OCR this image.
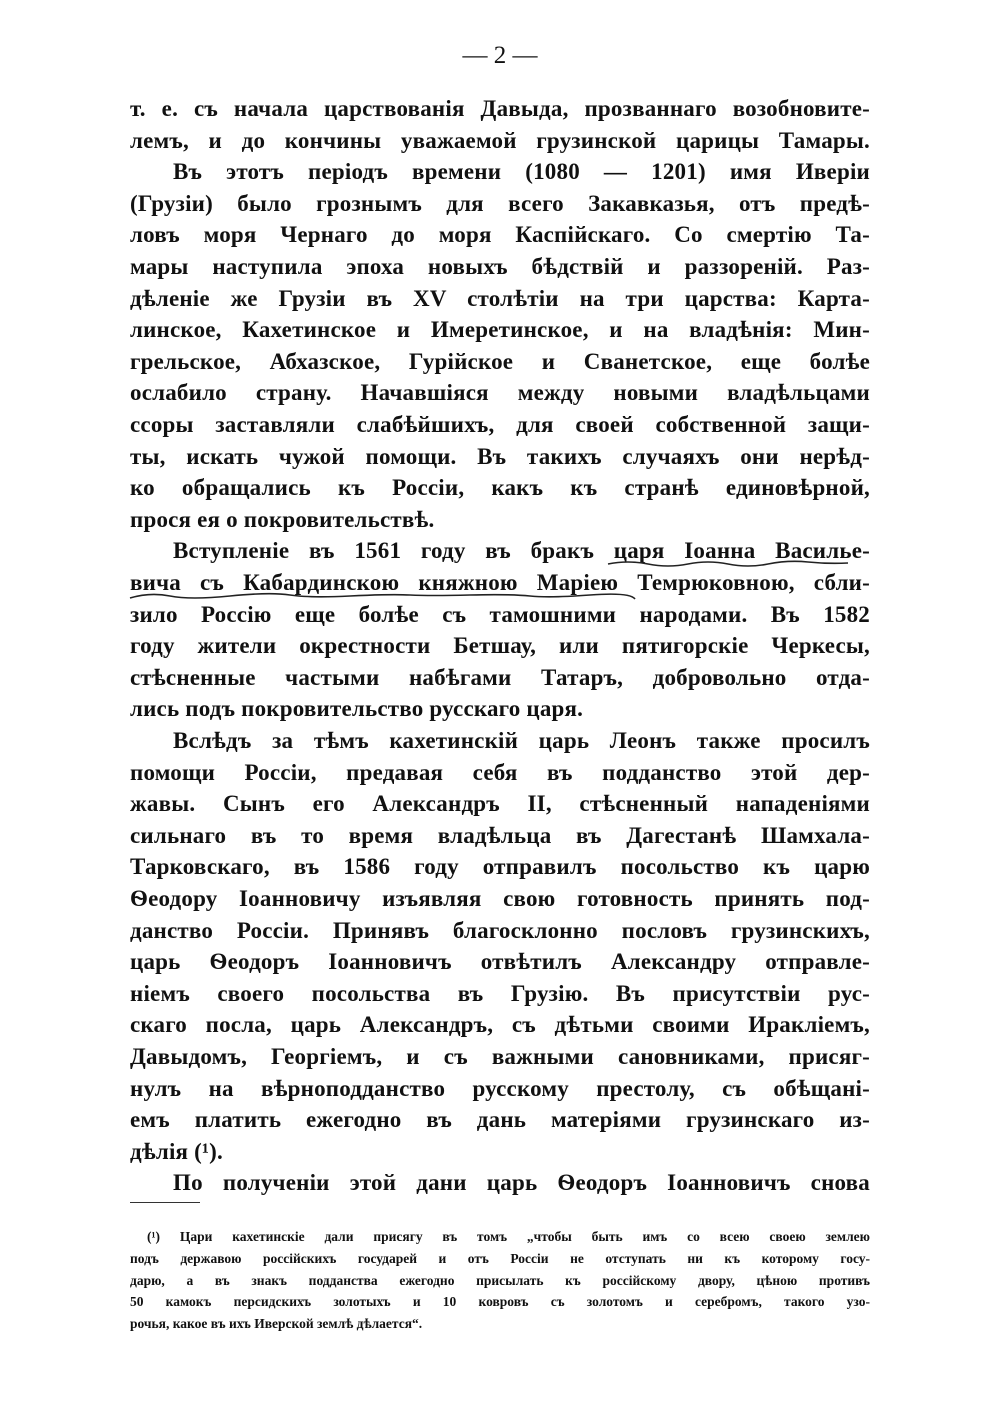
— 2 —
т. е. съ начала царствованія Давыда, прозваннаго возобновите-
лемъ, и до кончины уважаемой грузинской царицы Тамары.
Въ этотъ періодъ времени (1080 — 1201) имя Иверіи
(Грузіи) было грознымъ для всего Закавказья, отъ предѣ-
ловъ моря Чернаго до моря Каспійскаго. Со смертію Та-
мары наступила эпоха новыхъ бѣдствій и раззореній. Раз-
дѣленіе же Грузіи въ XV столѣтіи на три царства: Карта-
линское, Кахетинское и Имеретинское, и на владѣнія: Мин-
грельское, Абхазское, Гурійское и Сванетское, еще болѣе
ослабило страну. Начавшіяся между новыми владѣльцами
ссоры заставляли слабѣйшихъ, для своей собственной защи-
ты, искать чужой помощи. Въ такихъ случаяхъ они нерѣд-
ко обращались къ Россіи, какъ къ странѣ единовѣрной,
прося ея о покровительствѣ.
Вступленіе въ 1561 году въ бракъ царя Іоанна Василье-
вича съ Кабардинскою княжною Маріею Темрюковною, сбли-
зило Россію еще болѣе съ тамошними народами. Въ 1582
году жители окрестности Бетшау, или пятигорскіе Черкесы,
стѣсненные частыми набѣгами Татаръ, добровольно отда-
лись подъ покровительство русскаго царя.
Вслѣдъ за тѣмъ кахетинскій царь Леонъ также просилъ
помощи Россіи, предавая себя въ подданство этой дер-
жавы. Сынъ его Александръ II, стѣсненный нападеніями
сильнаго въ то время владѣльца въ Дагестанѣ Шамхала-
Тарковскаго, въ 1586 году отправилъ посольство къ царю
Ѳеодору Іоанновичу изъявляя свою готовность принять под-
данство Россіи. Принявъ благосклонно пословъ грузинскихъ,
царь Ѳеодоръ Іоанновичъ отвѣтилъ Александру отправле-
ніемъ своего посольства въ Грузію. Въ присутствіи рус-
скаго посла, царь Александръ, съ дѣтьми своими Ираклiемъ,
Давыдомъ, Георгіемъ, и съ важными сановниками, присяг-
нулъ на вѣрноподданство русскому престолу, съ обѣщані-
емъ платить ежегодно въ дань матеріями грузинскаго из-
дѣлія (¹).
По полученіи этой дани царь Ѳеодоръ Іоанновичъ снова
(¹) Цари кахетинскіе дали присягу въ томъ „чтобы быть имъ со всею своею землею
подъ державою россійскихъ государей и отъ Россіи не отступать ни къ которому госу-
дарю, а въ знакъ подданства ежегодно присылать къ россійскому двору, цѣною противъ
50 камокъ персидскихъ золотыхъ и 10 ковровъ съ золотомъ и серебромъ, такого узо-
рочья, какое въ ихъ Иверской землѣ дѣлается“.
